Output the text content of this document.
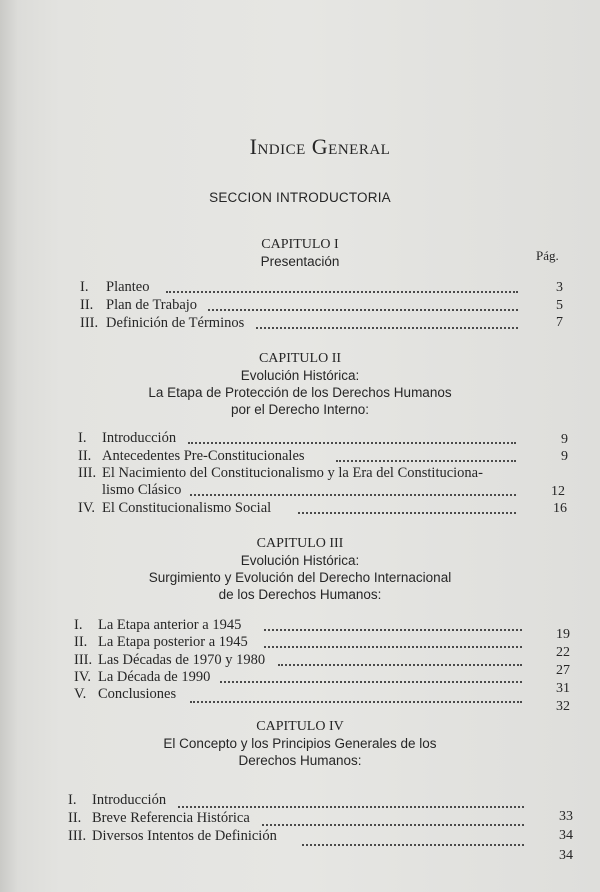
Indice General
SECCION INTRODUCTORIA
Pág.
CAPITULO I
Presentación
I. Planteo
II. Plan de Trabajo
III. Definición de Términos
3
5
7
CAPITULO II
Evolución Histórica:
La Etapa de Protección de los Derechos Humanos
por el Derecho Interno:
I. Introducción
II. Antecedentes Pre-Constitucionales
III. El Nacimiento del Constitucionalismo y la Era del Constituciona-
lismo Clásico
IV. El Constitucionalismo Social
9
9
12
16
CAPITULO III
Evolución Histórica:
Surgimiento y Evolución del Derecho Internacional
de los Derechos Humanos:
I. La Etapa anterior a 1945
II. La Etapa posterior a 1945
III. Las Décadas de 1970 y 1980
IV. La Década de 1990
V. Conclusiones
19
22
27
31
32
CAPITULO IV
El Concepto y los Principios Generales de los
Derechos Humanos:
I. Introducción
II. Breve Referencia Histórica
III. Diversos Intentos de Definición
33
34
34
